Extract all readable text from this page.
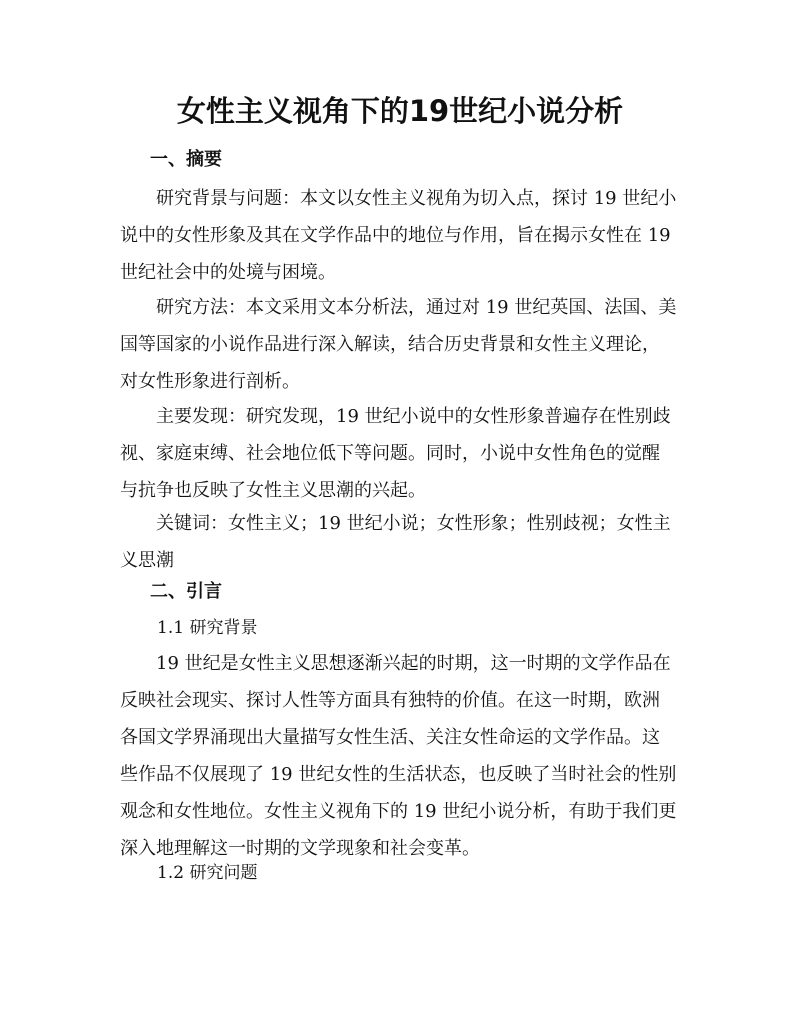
女性主义视角下的19世纪小说分析
一、摘要

研究背景与问题：本文以女性主义视角为切入点，探讨 19 世纪小
说中的女性形象及其在文学作品中的地位与作用，旨在揭示女性在 19
世纪社会中的处境与困境。

研究方法：本文采用文本分析法，通过对 19 世纪英国、法国、美
国等国家的小说作品进行深入解读，结合历史背景和女性主义理论，
对女性形象进行剖析。

主要发现：研究发现，19 世纪小说中的女性形象普遍存在性别歧
视、家庭束缚、社会地位低下等问题。同时，小说中女性角色的觉醒
与抗争也反映了女性主义思潮的兴起。

关键词：女性主义；19 世纪小说；女性形象；性别歧视；女性主
义思潮

二、引言

1.1 研究背景

19 世纪是女性主义思想逐渐兴起的时期，这一时期的文学作品在
反映社会现实、探讨人性等方面具有独特的价值。在这一时期，欧洲
各国文学界涌现出大量描写女性生活、关注女性命运的文学作品。这
些作品不仅展现了 19 世纪女性的生活状态，也反映了当时社会的性别
观念和女性地位。女性主义视角下的 19 世纪小说分析，有助于我们更
深入地理解这一时期的文学现象和社会变革。

1.2 研究问题
